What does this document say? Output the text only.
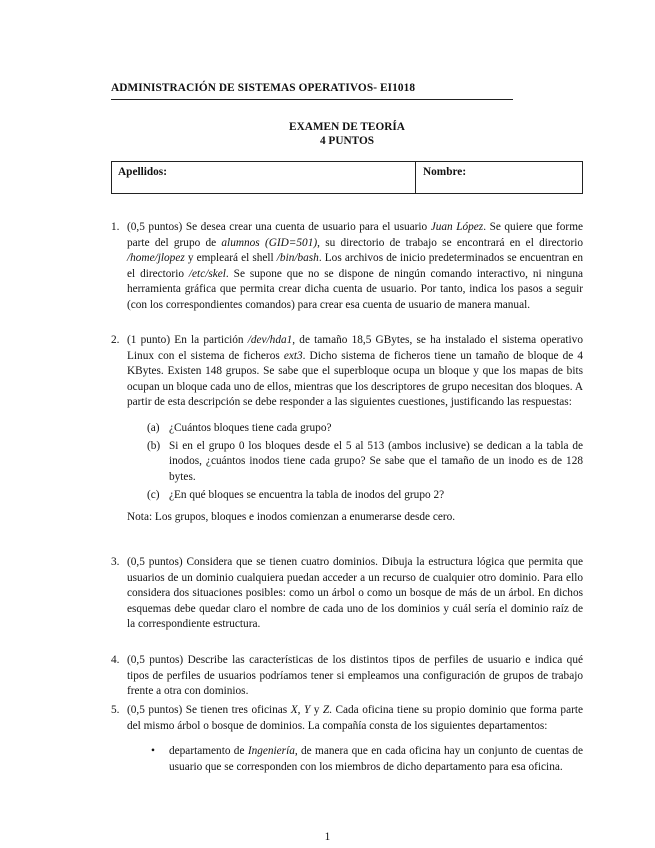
ADMINISTRACIÓN DE SISTEMAS OPERATIVOS- EI1018
EXAMEN DE TEORÍA
4 PUNTOS
Apellidos:	Nombre:
1. (0,5 puntos) Se desea crear una cuenta de usuario para el usuario Juan López. Se quiere que forme parte del grupo de alumnos (GID=501), su directorio de trabajo se encontrará en el directorio /home/jlopez y empleará el shell /bin/bash. Los archivos de inicio predeterminados se encuentran en el directorio /etc/skel. Se supone que no se dispone de ningún comando interactivo, ni ninguna herramienta gráfica que permita crear dicha cuenta de usuario. Por tanto, indica los pasos a seguir (con los correspondientes comandos) para crear esa cuenta de usuario de manera manual.
2. (1 punto) En la partición /dev/hda1, de tamaño 18,5 GBytes, se ha instalado el sistema operativo Linux con el sistema de ficheros ext3. Dicho sistema de ficheros tiene un tamaño de bloque de 4 KBytes. Existen 148 grupos. Se sabe que el superbloque ocupa un bloque y que los mapas de bits ocupan un bloque cada uno de ellos, mientras que los descriptores de grupo necesitan dos bloques. A partir de esta descripción se debe responder a las siguientes cuestiones, justificando las respuestas:
(a) ¿Cuántos bloques tiene cada grupo?
(b) Si en el grupo 0 los bloques desde el 5 al 513 (ambos inclusive) se dedican a la tabla de inodos, ¿cuántos inodos tiene cada grupo? Se sabe que el tamaño de un inodo es de 128 bytes.
(c) ¿En qué bloques se encuentra la tabla de inodos del grupo 2?
Nota: Los grupos, bloques e inodos comienzan a enumerarse desde cero.
3. (0,5 puntos) Considera que se tienen cuatro dominios. Dibuja la estructura lógica que permita que usuarios de un dominio cualquiera puedan acceder a un recurso de cualquier otro dominio. Para ello considera dos situaciones posibles: como un árbol o como un bosque de más de un árbol. En dichos esquemas debe quedar claro el nombre de cada uno de los dominios y cuál sería el dominio raíz de la correspondiente estructura.
4. (0,5 puntos) Describe las características de los distintos tipos de perfiles de usuario e indica qué tipos de perfiles de usuarios podríamos tener si empleamos una configuración de grupos de trabajo frente a otra con dominios.
5. (0,5 puntos) Se tienen tres oficinas X, Y y Z. Cada oficina tiene su propio dominio que forma parte del mismo árbol o bosque de dominios. La compañía consta de los siguientes departamentos:
• departamento de Ingeniería, de manera que en cada oficina hay un conjunto de cuentas de usuario que se corresponden con los miembros de dicho departamento para esa oficina.
1
